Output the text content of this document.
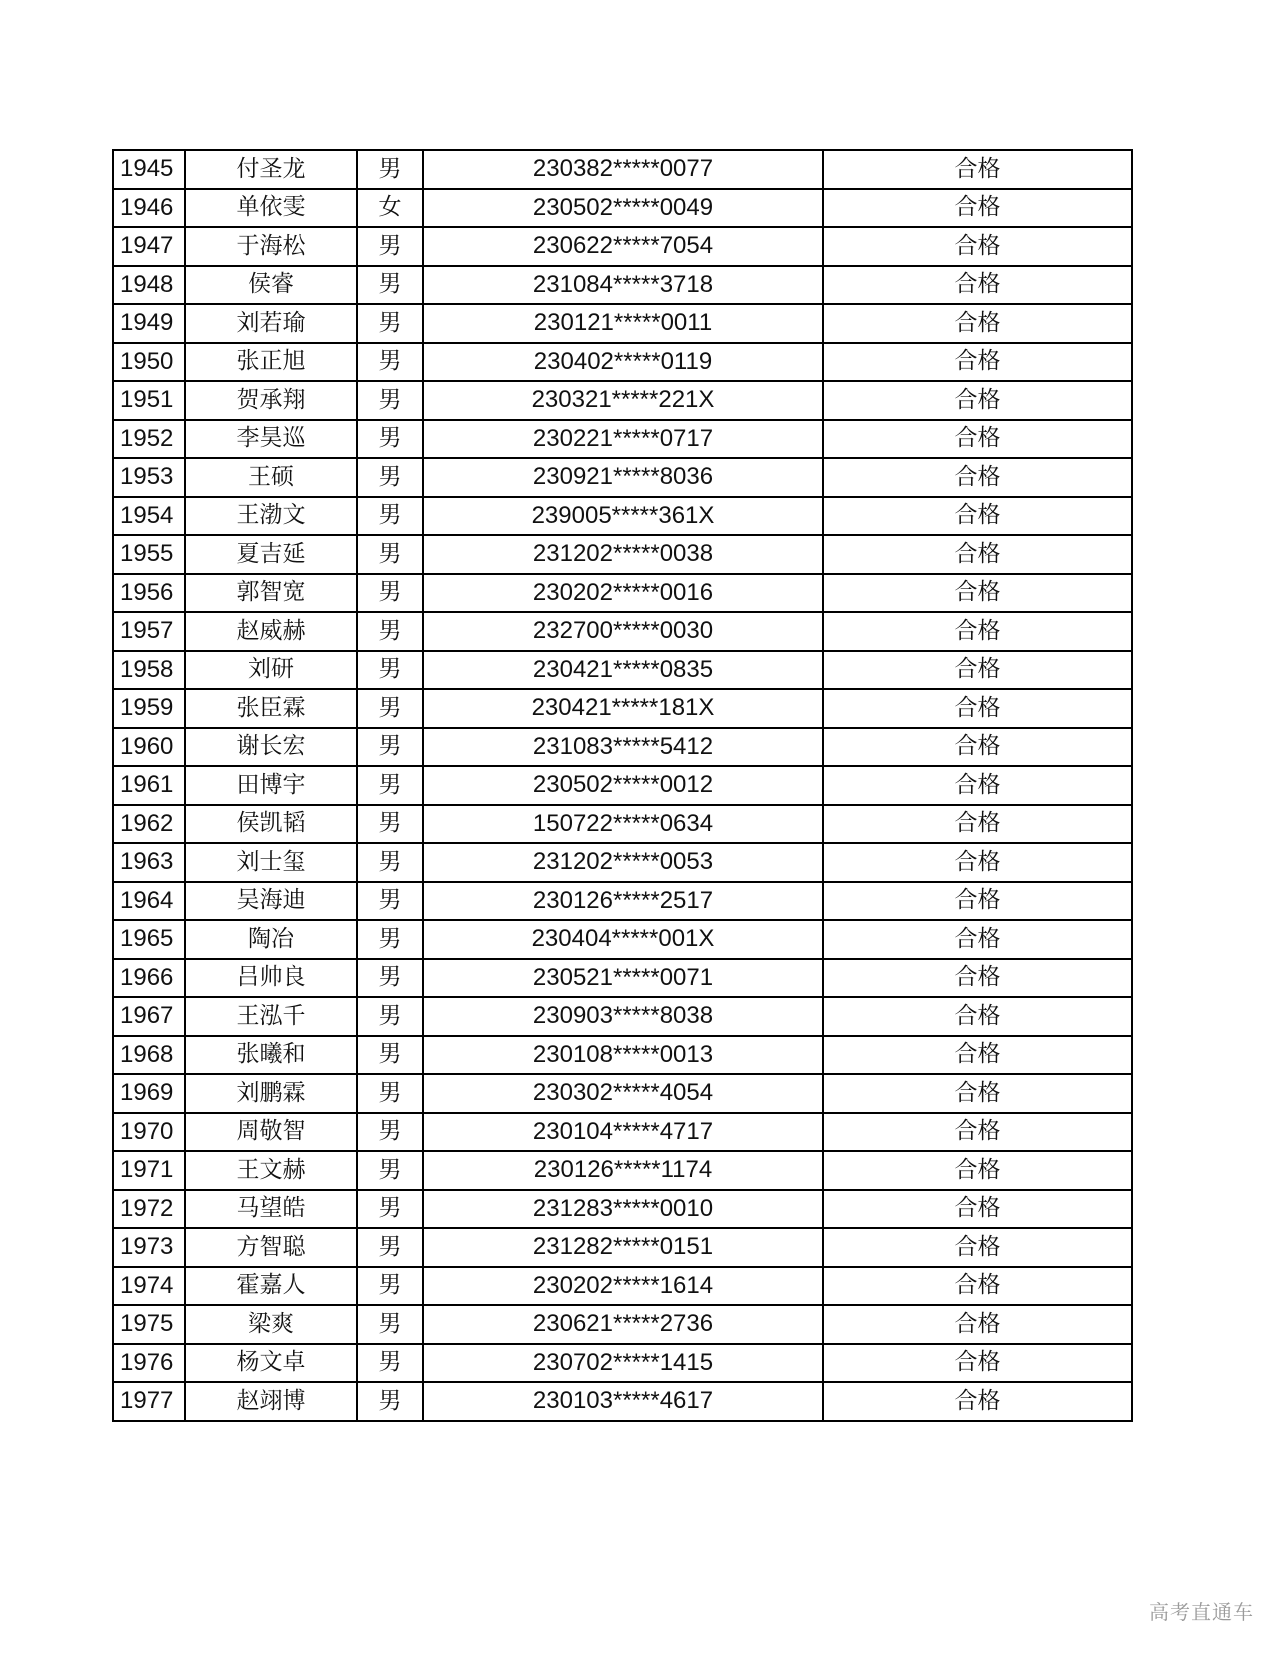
1945	付圣龙	男	230382*****0077	合格
1946	单依雯	女	230502*****0049	合格
1947	于海松	男	230622*****7054	合格
1948	侯睿	男	231084*****3718	合格
1949	刘若瑜	男	230121*****0011	合格
1950	张正旭	男	230402*****0119	合格
1951	贺承翔	男	230321*****221X	合格
1952	李昊巡	男	230221*****0717	合格
1953	王硕	男	230921*****8036	合格
1954	王渤文	男	239005*****361X	合格
1955	夏吉延	男	231202*****0038	合格
1956	郭智宽	男	230202*****0016	合格
1957	赵威赫	男	232700*****0030	合格
1958	刘研	男	230421*****0835	合格
1959	张臣霖	男	230421*****181X	合格
1960	谢长宏	男	231083*****5412	合格
1961	田博宇	男	230502*****0012	合格
1962	侯凯韬	男	150722*****0634	合格
1963	刘士玺	男	231202*****0053	合格
1964	吴海迪	男	230126*****2517	合格
1965	陶冶	男	230404*****001X	合格
1966	吕帅良	男	230521*****0071	合格
1967	王泓千	男	230903*****8038	合格
1968	张曦和	男	230108*****0013	合格
1969	刘鹏霖	男	230302*****4054	合格
1970	周敬智	男	230104*****4717	合格
1971	王文赫	男	230126*****1174	合格
1972	马望皓	男	231283*****0010	合格
1973	方智聪	男	231282*****0151	合格
1974	霍嘉人	男	230202*****1614	合格
1975	梁爽	男	230621*****2736	合格
1976	杨文卓	男	230702*****1415	合格
1977	赵翊博	男	230103*****4617	合格
高考直通车
